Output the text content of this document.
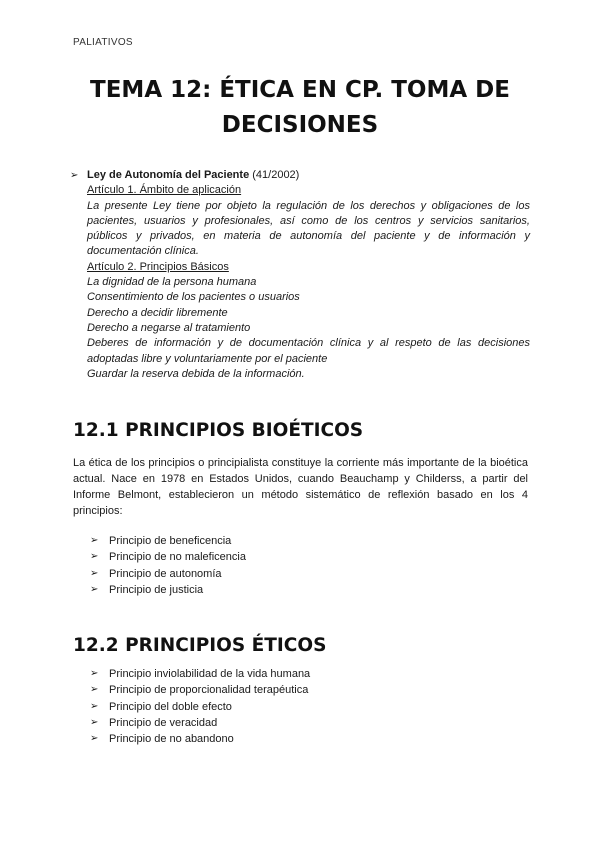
PALIATIVOS
TEMA 12: ÉTICA EN CP. TOMA DE DECISIONES
➢ Ley de Autonomía del Paciente (41/2002)
Artículo 1. Ámbito de aplicación
La presente Ley tiene por objeto la regulación de los derechos y obligaciones de los pacientes, usuarios y profesionales, así como de los centros y servicios sanitarios, públicos y privados, en materia de autonomía del paciente y de información y documentación clínica.
Artículo 2. Principios Básicos
La dignidad de la persona humana
Consentimiento de los pacientes o usuarios
Derecho a decidir libremente
Derecho a negarse al tratamiento
Deberes de información y de documentación clínica y al respeto de las decisiones adoptadas libre y voluntariamente por el paciente
Guardar la reserva debida de la información.
12.1 PRINCIPIOS BIOÉTICOS
La ética de los principios o principialista constituye la corriente más importante de la bioética actual. Nace en 1978 en Estados Unidos, cuando Beauchamp y Childerss, a partir del Informe Belmont, establecieron un método sistemático de reflexión basado en los 4 principios:
➢ Principio de beneficencia
➢ Principio de no maleficencia
➢ Principio de autonomía
➢ Principio de justicia
12.2 PRINCIPIOS ÉTICOS
➢ Principio inviolabilidad de la vida humana
➢ Principio de proporcionalidad terapéutica
➢ Principio del doble efecto
➢ Principio de veracidad
➢ Principio de no abandono
